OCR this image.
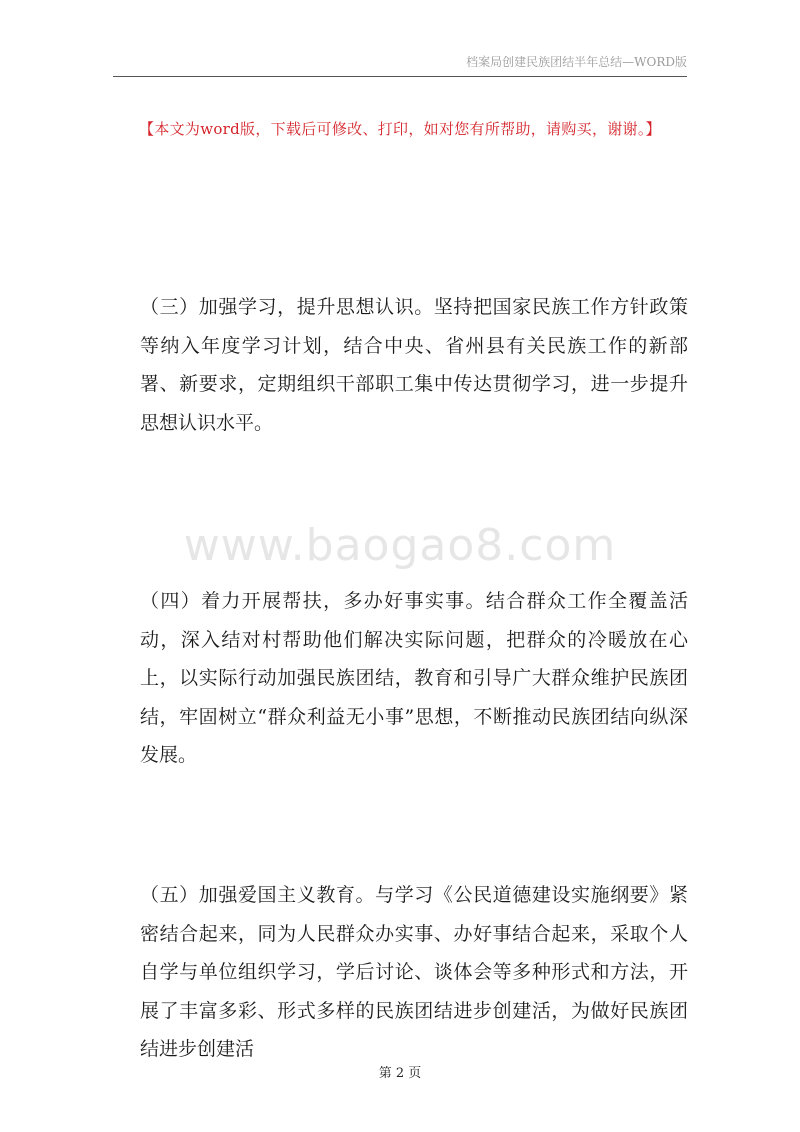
档案局创建民族团结半年总结—WORD版
【本文为word版，下载后可修改、打印，如对您有所帮助，请购买，谢谢。】

（三）加强学习，提升思想认识。坚持把国家民族工作方针政策等纳入年度学习计划，结合中央、省州县有关民族工作的新部署、新要求，定期组织干部职工集中传达贯彻学习，进一步提升思想认识水平。

www.baogao8.com

（四）着力开展帮扶，多办好事实事。结合群众工作全覆盖活动，深入结对村帮助他们解决实际问题，把群众的冷暖放在心上，以实际行动加强民族团结，教育和引导广大群众维护民族团结，牢固树立“群众利益无小事”思想，不断推动民族团结向纵深发展。

（五）加强爱国主义教育。与学习《公民道德建设实施纲要》紧密结合起来，同为人民群众办实事、办好事结合起来，采取个人自学与单位组织学习，学后讨论、谈体会等多种形式和方法，开展了丰富多彩、形式多样的民族团结进步创建活，为做好民族团结进步创建活

第 2 页
